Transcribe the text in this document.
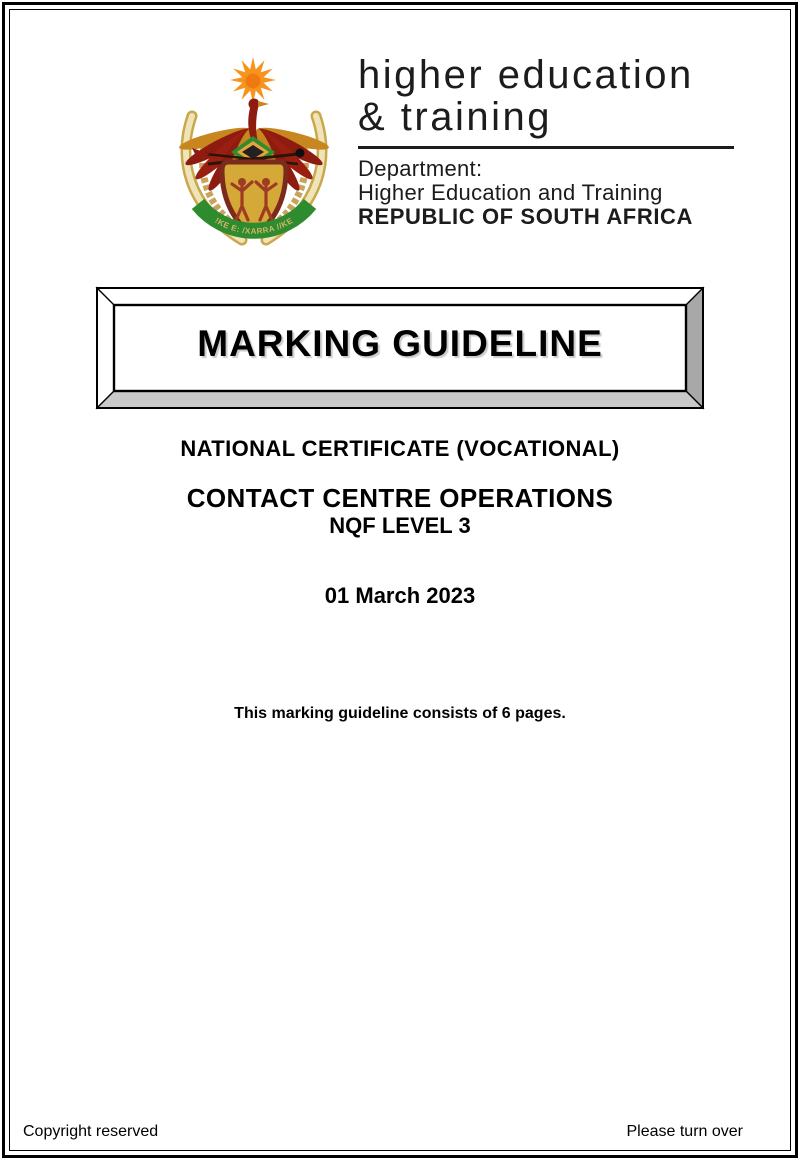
!KE E: /XARRA //KE
higher education
& training
Department:
Higher Education and Training
REPUBLIC OF SOUTH AFRICA
MARKING GUIDELINE
NATIONAL CERTIFICATE (VOCATIONAL)
CONTACT CENTRE OPERATIONS
NQF LEVEL 3
01 March 2023
This marking guideline consists of 6 pages.
Copyright reserved	Please turn over
